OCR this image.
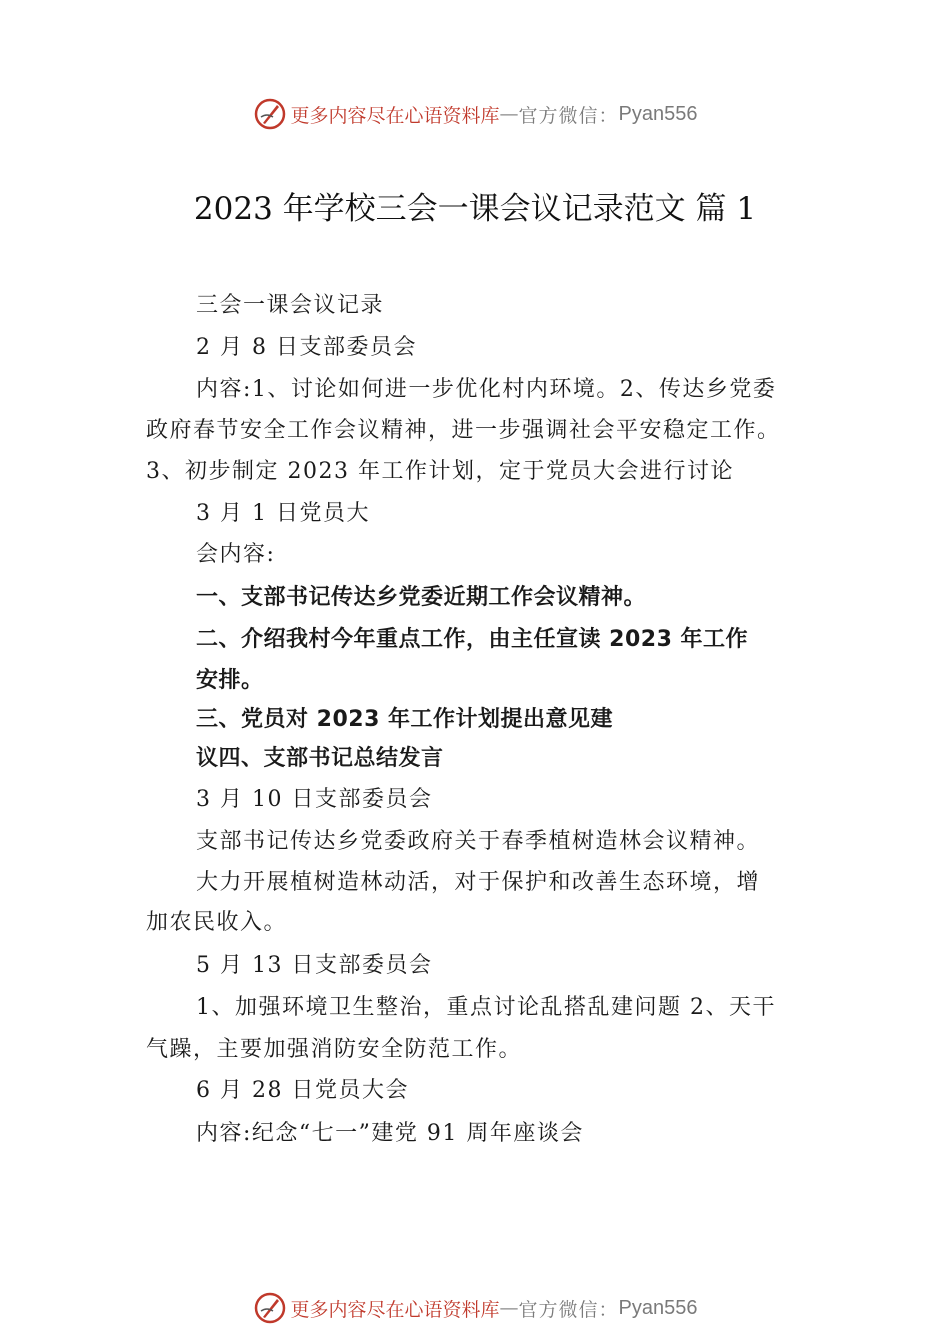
更多内容尽在心语资料库 — 官方微信： Pyan556
2023 年学校三会一课会议记录范文 篇 1
三会一课会议记录
2 月 8 日支部委员会
内容:1、讨论如何进一步优化村内环境。2、传达乡党委
政府春节安全工作会议精神，进一步强调社会平安稳定工作。
3、初步制定 2023 年工作计划，定于党员大会进行讨论
3 月 1 日党员大
会内容:
一、支部书记传达乡党委近期工作会议精神。
二、介绍我村今年重点工作，由主任宣读 2023 年工作
安排。
三、党员对 2023 年工作计划提出意见建
议四、支部书记总结发言
3 月 10 日支部委员会
支部书记传达乡党委政府关于春季植树造林会议精神。
大力开展植树造林动活，对于保护和改善生态环境，增
加农民收入。
5 月 13 日支部委员会
1、加强环境卫生整治，重点讨论乱搭乱建问题 2、天干
气躁，主要加强消防安全防范工作。
6 月 28 日党员大会
内容:纪念“七一”建党 91 周年座谈会
更多内容尽在心语资料库 — 官方微信： Pyan556
